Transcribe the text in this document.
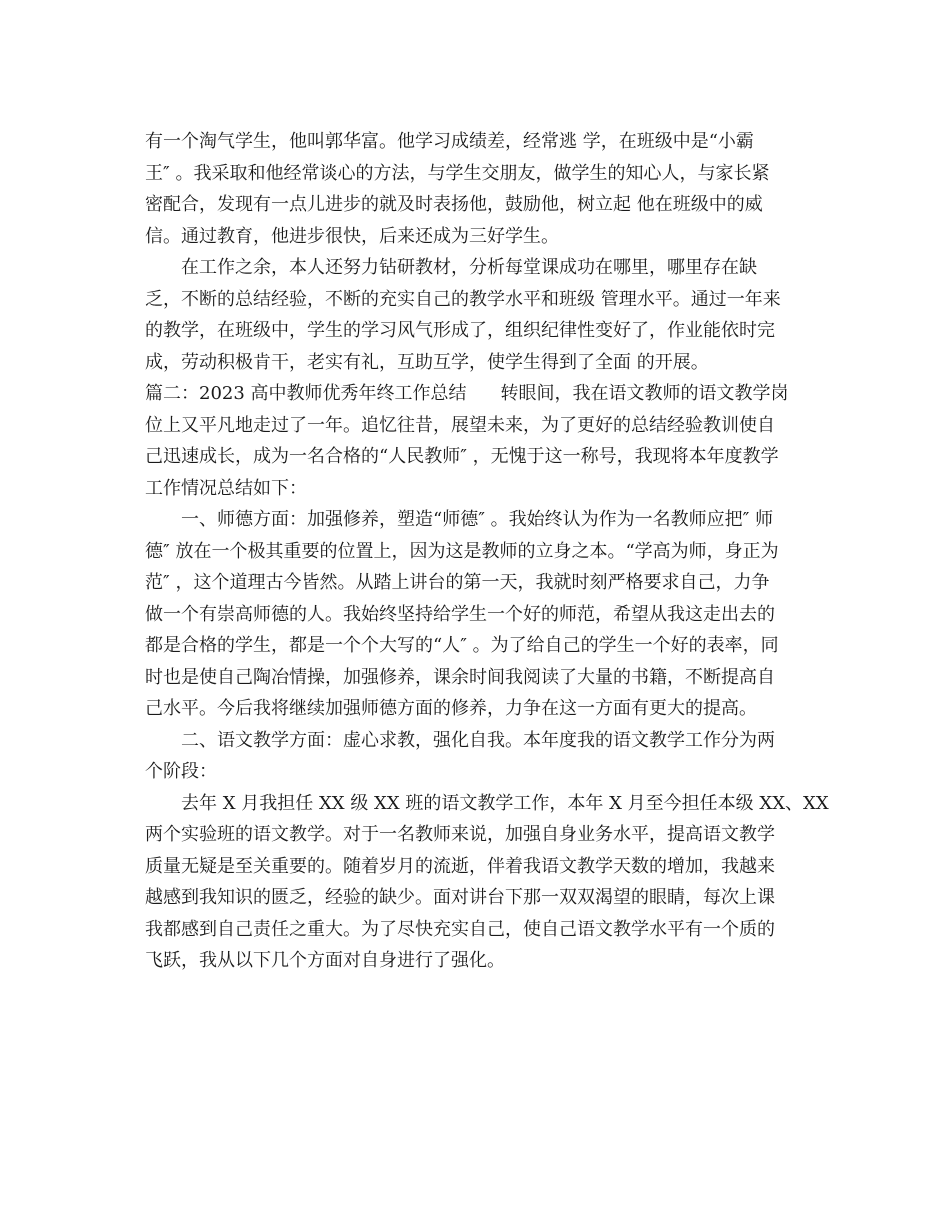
有一个淘气学生，他叫郭华富。他学习成绩差，经常逃 学，在班级中是“小霸
王″ 。我采取和他经常谈心的方法，与学生交朋友，做学生的知心人，与家长紧
密配合，发现有一点儿进步的就及时表扬他，鼓励他，树立起 他在班级中的威
信。通过教育，他进步很快，后来还成为三好学生。
在工作之余，本人还努力钻研教材，分析每堂课成功在哪里，哪里存在缺
乏，不断的总结经验，不断的充实自己的教学水平和班级 管理水平。通过一年来
的教学，在班级中，学生的学习风气形成了，组织纪律性变好了，作业能依时完
成，劳动积极肯干，老实有礼，互助互学，使学生得到了全面 的开展。
篇二：2023 高中教师优秀年终工作总结 转眼间，我在语文教师的语文教学岗
位上又平凡地走过了一年。追忆往昔，展望未来，为了更好的总结经验教训使自
己迅速成长，成为一名合格的“人民教师″ ，无愧于这一称号，我现将本年度教学
工作情况总结如下：
一、师德方面：加强修养，塑造“师德″ 。我始终认为作为一名教师应把″ 师
德″ 放在一个极其重要的位置上，因为这是教师的立身之本。“学高为师，身正为
范″ ，这个道理古今皆然。从踏上讲台的第一天，我就时刻严格要求自己，力争
做一个有崇高师德的人。我始终坚持给学生一个好的师范，希望从我这走出去的
都是合格的学生，都是一个个大写的“人″ 。为了给自己的学生一个好的表率，同
时也是使自己陶冶情操，加强修养，课余时间我阅读了大量的书籍，不断提高自
己水平。今后我将继续加强师德方面的修养，力争在这一方面有更大的提高。
二、语文教学方面：虚心求教，强化自我。本年度我的语文教学工作分为两
个阶段：
去年 X 月我担任 XX 级 XX 班的语文教学工作，本年 X 月至今担任本级 XX、XX
两个实验班的语文教学。对于一名教师来说，加强自身业务水平，提高语文教学
质量无疑是至关重要的。随着岁月的流逝，伴着我语文教学天数的增加，我越来
越感到我知识的匮乏，经验的缺少。面对讲台下那一双双渴望的眼睛，每次上课
我都感到自己责任之重大。为了尽快充实自己，使自己语文教学水平有一个质的
飞跃，我从以下几个方面对自身进行了强化。
